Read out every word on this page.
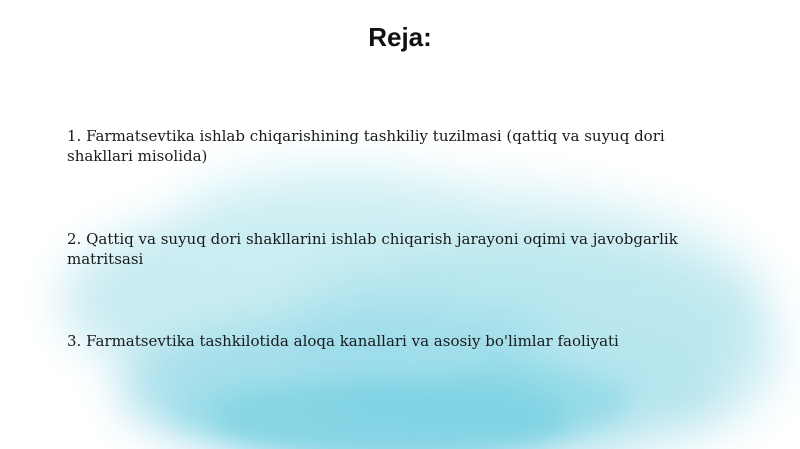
Reja:
1. Farmatsevtika ishlab chiqarishining tashkiliy tuzilmasi (qattiq va suyuq dori shakllari misolida)
2. Qattiq va suyuq dori shakllarini ishlab chiqarish jarayoni oqimi va javobgarlik matritsasi
3. Farmatsevtika tashkilotida aloqa kanallari va asosiy bo'limlar faoliyati
